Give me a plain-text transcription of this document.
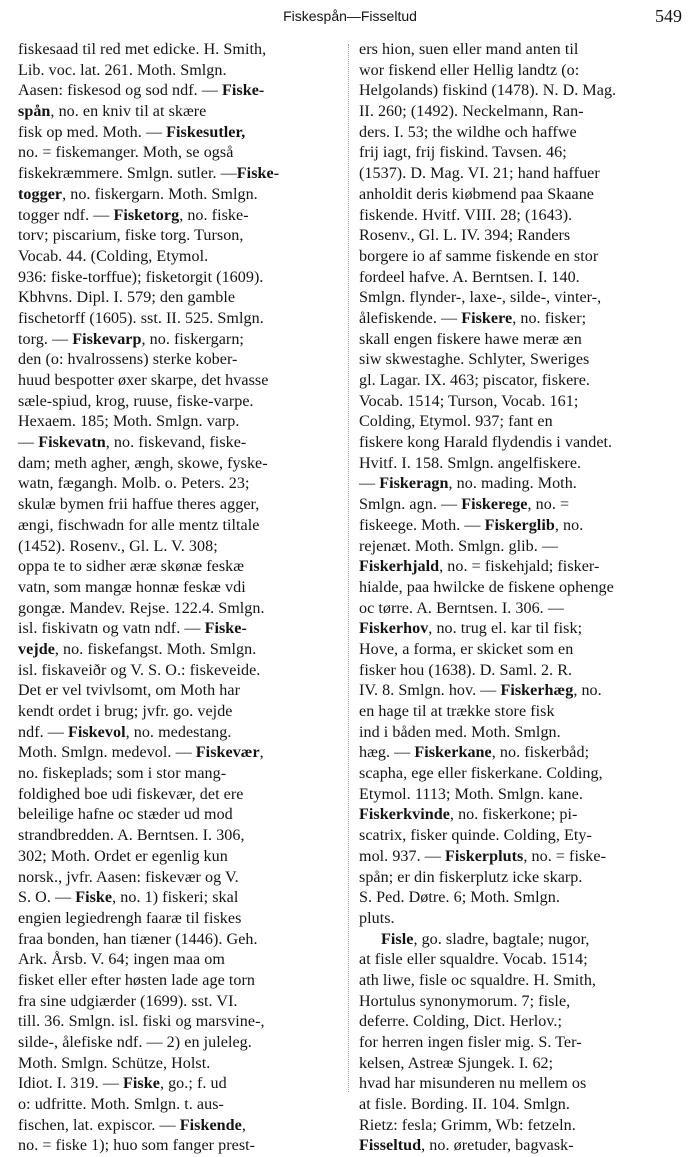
Fiskespån—Fisseltud	549
fiskesaad til red met edicke. H. Smith,
Lib. voc. lat. 261. Moth. Smlgn.
Aasen: fiskesod og sod ndf. — Fiske-
spån, no. en kniv til at skære
fisk op med. Moth. — Fiskesutler,
no. = fiskemanger. Moth, se også
fiskekræmmere. Smlgn. sutler. —Fiske-
togger, no. fiskergarn. Moth. Smlgn.
togger ndf. — Fisketorg, no. fiske-
torv; piscarium, fiske torg. Turson,
Vocab. 44. (Colding, Etymol.
936: fiske-torffue); fisketorgit (1609).
Kbhvns. Dipl. I. 579; den gamble
fischetorff (1605). sst. II. 525. Smlgn.
torg. — Fiskevarp, no. fiskergarn;
den (o: hvalrossens) sterke kober-
huud bespotter øxer skarpe, det hvasse
sæle-spiud, krog, ruuse, fiske-varpe.
Hexaem. 185; Moth. Smlgn. varp.
— Fiskevatn, no. fiskevand, fiske-
dam; meth agher, ængh, skowe, fyske-
watn, fægangh. Molb. o. Peters. 23;
skulæ bymen frii haffue theres agger,
ængi, fischwadn for alle mentz tiltale
(1452). Rosenv., Gl. L. V. 308;
oppa te to sidher æræ skønæ feskæ
vatn, som mangæ honnæ feskæ vdi
gongæ. Mandev. Rejse. 122.4. Smlgn.
isl. fiskivatn og vatn ndf. — Fiske-
vejde, no. fiskefangst. Moth. Smlgn.
isl. fiskaveiðr og V. S. O.: fiskeveide.
Det er vel tvivlsomt, om Moth har
kendt ordet i brug; jvfr. go. vejde
ndf. — Fiskevol, no. medestang.
Moth. Smlgn. medevol. — Fiskevær,
no. fiskeplads; som i stor mang-
foldighed boe udi fiskevær, det ere
beleilige hafne oc stæder ud mod
strandbredden. A. Berntsen. I. 306,
302; Moth. Ordet er egenlig kun
norsk., jvfr. Aasen: fiskevær og V.
S. O. — Fiske, no. 1) fiskeri; skal
engien legiedrengh faaræ til fiskes
fraa bonden, han tiæner (1446). Geh.
Ark. Årsb. V. 64; ingen maa om
fisket eller efter høsten lade age torn
fra sine udgiærder (1699). sst. VI.
till. 36. Smlgn. isl. fiski og marsvine-,
silde-, ålefiske ndf. — 2) en juleleg.
Moth. Smlgn. Schütze, Holst.
Idiot. I. 319. — Fiske, go.; f. ud
o: udfritte. Moth. Smlgn. t. aus-
fischen, lat. expiscor. — Fiskende,
no. = fiske 1); huo som fanger prest-
ers hion, suen eller mand anten til
wor fiskend eller Hellig landtz (o:
Helgolands) fiskind (1478). N. D. Mag.
II. 260; (1492). Neckelmann, Ran-
ders. I. 53; the wildhe och haffwe
frij iagt, frij fiskind. Tavsen. 46;
(1537). D. Mag. VI. 21; hand haffuer
anholdit deris kiøbmend paa Skaane
fiskende. Hvitf. VIII. 28; (1643).
Rosenv., Gl. L. IV. 394; Randers
borgere io af samme fiskende en stor
fordeel hafve. A. Berntsen. I. 140.
Smlgn. flynder-, laxe-, silde-, vinter-,
ålefiskende. — Fiskere, no. fisker;
skall engen fiskere hawe meræ æn
siw skwestaghe. Schlyter, Sweriges
gl. Lagar. IX. 463; piscator, fiskere.
Vocab. 1514; Turson, Vocab. 161;
Colding, Etymol. 937; fant en
fiskere kong Harald flydendis i vandet.
Hvitf. I. 158. Smlgn. angelfiskere.
— Fiskeragn, no. mading. Moth.
Smlgn. agn. — Fiskerege, no. =
fiskeege. Moth. — Fiskerglib, no.
rejenæt. Moth. Smlgn. glib. —
Fiskerhjald, no. = fiskehjald; fisker-
hialde, paa hwilcke de fiskene ophenge
oc tørre. A. Berntsen. I. 306. —
Fiskerhov, no. trug el. kar til fisk;
Hove, a forma, er skicket som en
fisker hou (1638). D. Saml. 2. R.
IV. 8. Smlgn. hov. — Fiskerhæg, no.
en hage til at trække store fisk
ind i båden med. Moth. Smlgn.
hæg. — Fiskerkane, no. fiskerbåd;
scapha, ege eller fiskerkane. Colding,
Etymol. 1113; Moth. Smlgn. kane.
Fiskerkvinde, no. fiskerkone; pi-
scatrix, fisker quinde. Colding, Ety-
mol. 937. — Fiskerpluts, no. = fiske-
spån; er din fiskerplutz icke skarp.
S. Ped. Døtre. 6; Moth. Smlgn.
pluts.
Fisle, go. sladre, bagtale; nugor,
at fisle eller squaldre. Vocab. 1514;
ath liwe, fisle oc squaldre. H. Smith,
Hortulus synonymorum. 7; fisle,
deferre. Colding, Dict. Herlov.;
for herren ingen fisler mig. S. Ter-
kelsen, Astreæ Sjungek. I. 62;
hvad har misunderen nu mellem os
at fisle. Bording. II. 104. Smlgn.
Rietz: fesla; Grimm, Wb: fetzeln.
Fisseltud, no. øretuder, bagvask-
